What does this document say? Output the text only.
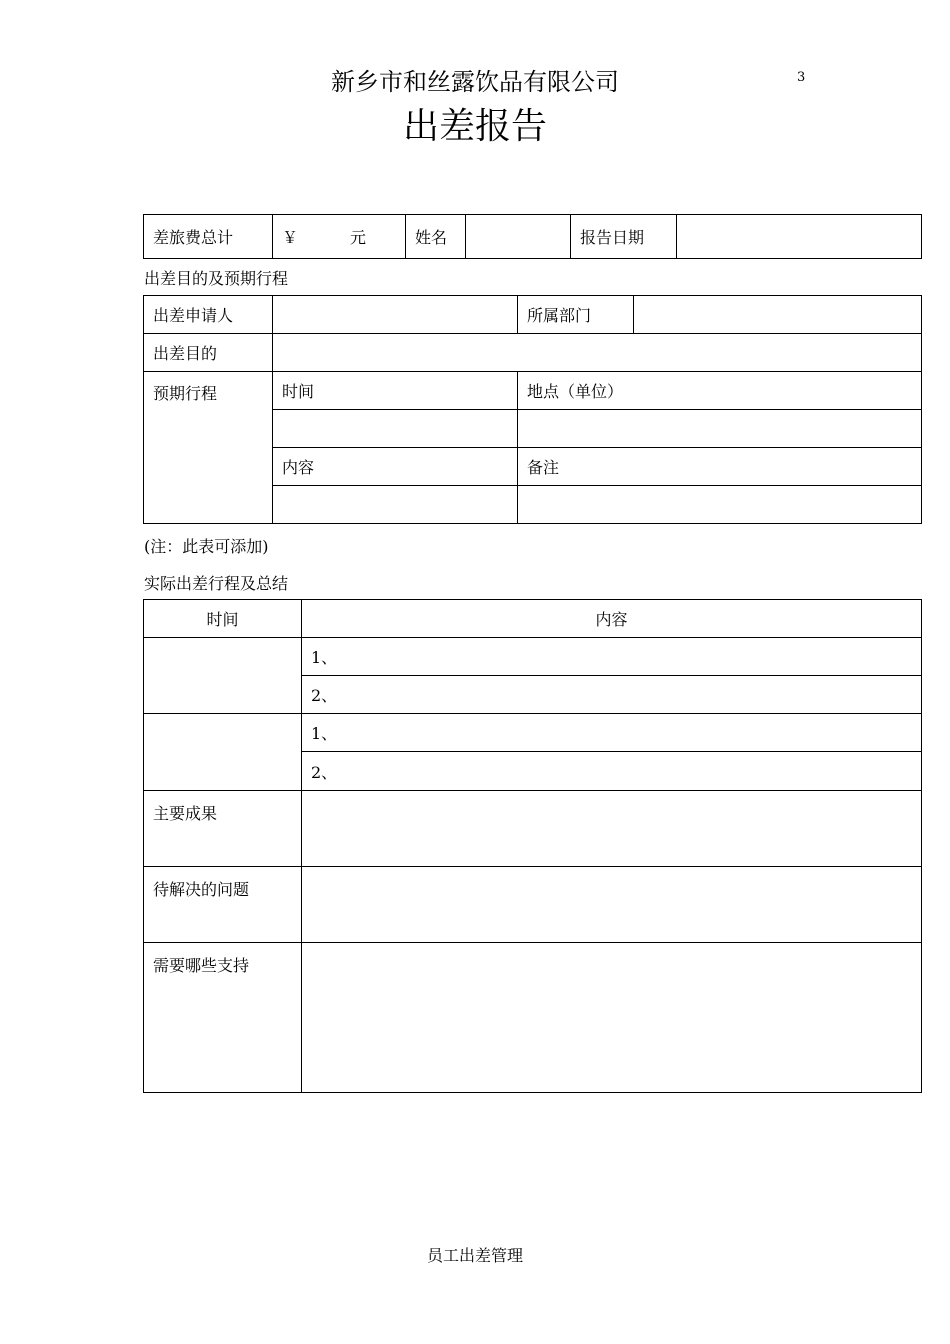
新乡市和丝露饮品有限公司	3
出差报告
差旅费总计	￥	元	姓名		报告日期	
出差目的及预期行程
出差申请人		所属部门	
出差目的			
预期行程	时间	地点（单位）	

	内容	备注	

(注：此表可添加)
实际出差行程及总结
时间	内容
	1、
	2、
	1、
	2、
主要成果	
待解决的问题	
需要哪些支持	
员工出差管理
